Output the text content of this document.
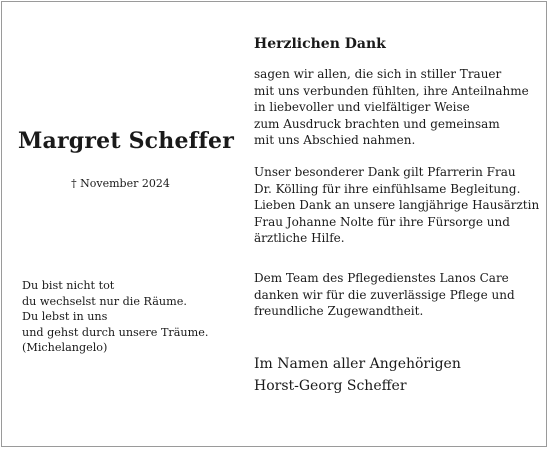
Margret Scheffer
† November 2024
Du bist nicht tot
du wechselst nur die Räume.
Du lebst in uns
und gehst durch unsere Träume.
(Michelangelo)
Herzlichen Dank
sagen wir allen, die sich in stiller Trauer
mit uns verbunden fühlten, ihre Anteilnahme
in liebevoller und vielfältiger Weise
zum Ausdruck brachten und gemeinsam
mit uns Abschied nahmen.
Unser besonderer Dank gilt Pfarrerin Frau
Dr. Kölling für ihre einfühlsame Begleitung.
Lieben Dank an unsere langjährige Hausärztin
Frau Johanne Nolte für ihre Fürsorge und
ärztliche Hilfe.
Dem Team des Pflegedienstes Lanos Care
danken wir für die zuverlässige Pflege und
freundliche Zugewandtheit.
Im Namen aller Angehörigen
Horst-Georg Scheffer
